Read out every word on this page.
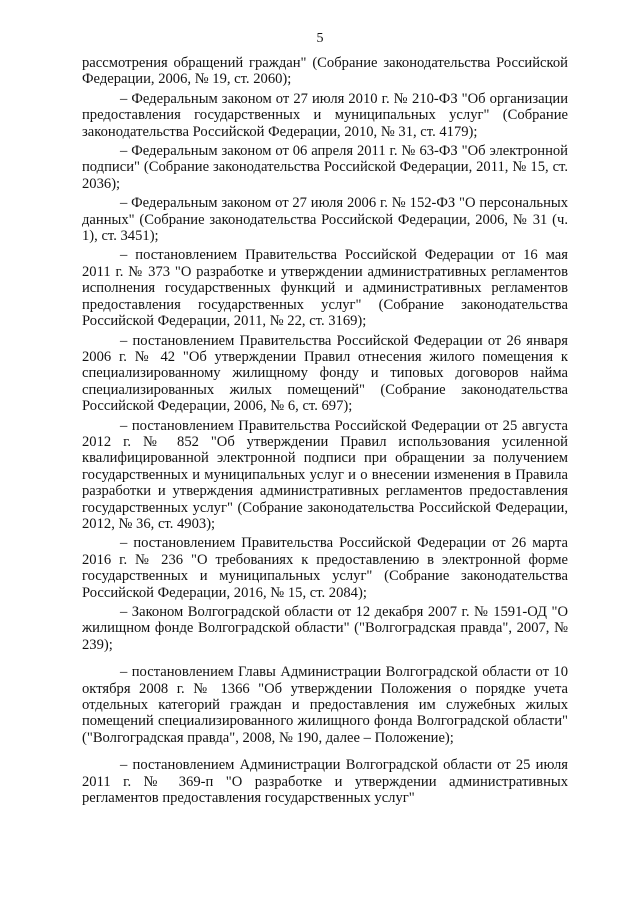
5

рассмотрения обращений граждан" (Собрание законодательства Российской Федерации, 2006, № 19, ст. 2060);

– Федеральным законом от 27 июля 2010 г. № 210-ФЗ "Об организации предоставления государственных и муниципальных услуг" (Собрание законодательства Российской Федерации, 2010, № 31, ст. 4179);

– Федеральным законом от 06 апреля 2011 г. № 63-ФЗ "Об электронной подписи" (Собрание законодательства Российской Федерации, 2011, № 15, ст. 2036);

– Федеральным законом от 27 июля 2006 г. № 152-ФЗ "О персональных данных" (Собрание законодательства Российской Федерации, 2006, № 31 (ч. 1), ст. 3451);

– постановлением Правительства Российской Федерации от 16 мая 2011 г. № 373 "О разработке и утверждении административных регламентов исполнения государственных функций и административных регламентов предоставления государственных услуг" (Собрание законодательства Российской Федерации, 2011, № 22, ст. 3169);

– постановлением Правительства Российской Федерации от 26 января 2006 г. № 42 "Об утверждении Правил отнесения жилого помещения к специализированному жилищному фонду и типовых договоров найма специализированных жилых помещений" (Собрание законодательства Российской Федерации, 2006, № 6, ст. 697);

– постановлением Правительства Российской Федерации от 25 августа 2012 г. № 852 "Об утверждении Правил использования усиленной квалифицированной электронной подписи при обращении за получением государственных и муниципальных услуг и о внесении изменения в Правила разработки и утверждения административных регламентов предоставления государственных услуг" (Собрание законодательства Российской Федерации, 2012, № 36, ст. 4903);

– постановлением Правительства Российской Федерации от 26 марта 2016 г. № 236 "О требованиях к предоставлению в электронной форме государственных и муниципальных услуг" (Собрание законодательства Российской Федерации, 2016, № 15, ст. 2084);

– Законом Волгоградской области от 12 декабря 2007 г. № 1591-ОД "О жилищном фонде Волгоградской области" ("Волгоградская правда", 2007, № 239);

– постановлением Главы Администрации Волгоградской области от 10 октября 2008 г. № 1366 "Об утверждении Положения о порядке учета отдельных категорий граждан и предоставления им служебных жилых помещений специализированного жилищного фонда Волгоградской области" ("Волгоградская правда", 2008, № 190, далее – Положение);

– постановлением Администрации Волгоградской области от 25 июля 2011 г. № 369-п "О разработке и утверждении административных регламентов предоставления государственных услуг"
